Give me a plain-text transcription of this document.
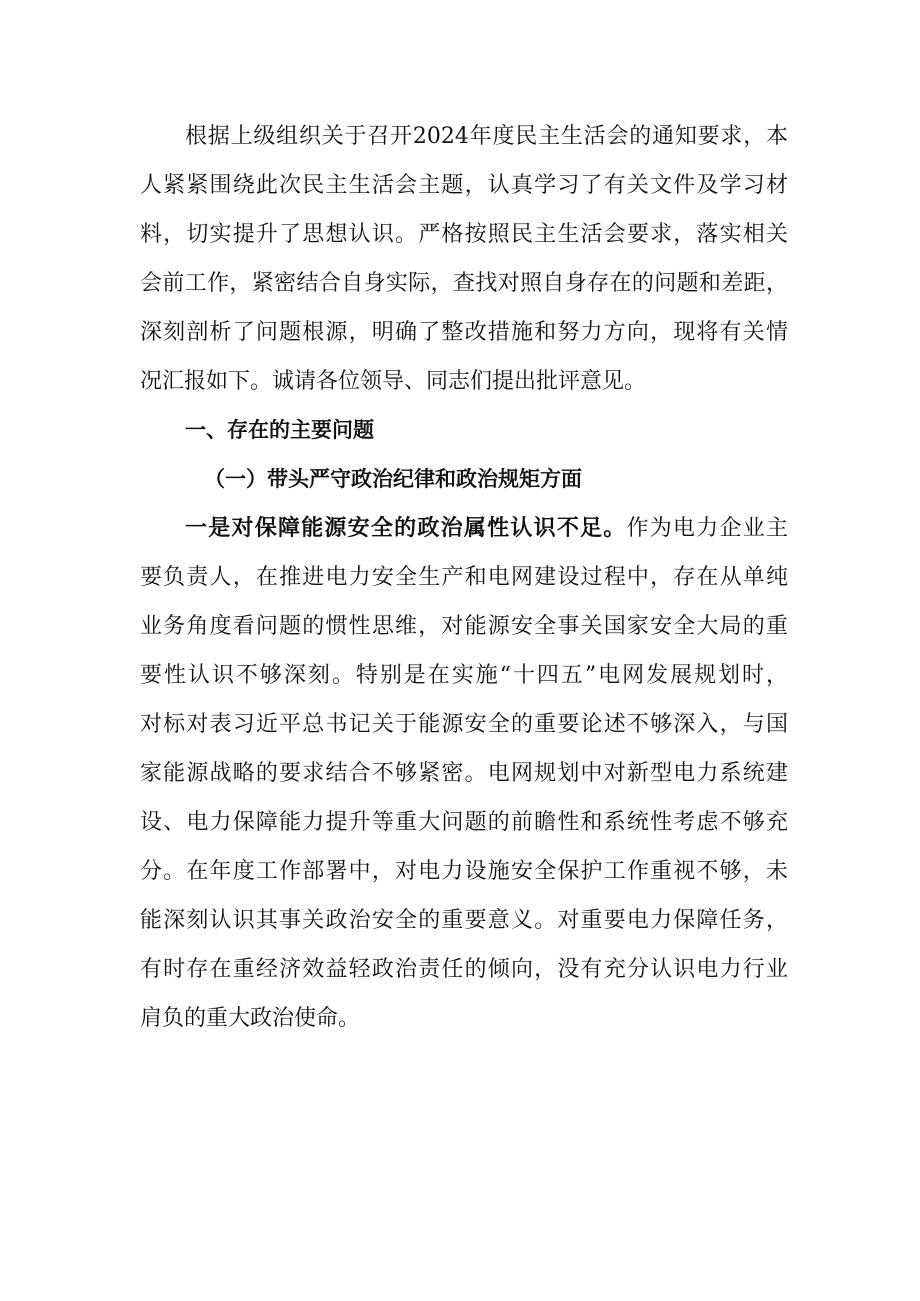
根据上级组织关于召开2024年度民主生活会的通知要求，本
人紧紧围绕此次民主生活会主题，认真学习了有关文件及学习材
料，切实提升了思想认识。严格按照民主生活会要求，落实相关
会前工作，紧密结合自身实际，查找对照自身存在的问题和差距，
深刻剖析了问题根源，明确了整改措施和努力方向，现将有关情
况汇报如下。诚请各位领导、同志们提出批评意见。
一、存在的主要问题
（一）带头严守政治纪律和政治规矩方面
一是对保障能源安全的政治属性认识不足。作为电力企业主
要负责人，在推进电力安全生产和电网建设过程中，存在从单纯
业务角度看问题的惯性思维，对能源安全事关国家安全大局的重
要性认识不够深刻。特别是在实施“十四五”电网发展规划时，
对标对表习近平总书记关于能源安全的重要论述不够深入，与国
家能源战略的要求结合不够紧密。电网规划中对新型电力系统建
设、电力保障能力提升等重大问题的前瞻性和系统性考虑不够充
分。在年度工作部署中，对电力设施安全保护工作重视不够，未
能深刻认识其事关政治安全的重要意义。对重要电力保障任务，
有时存在重经济效益轻政治责任的倾向，没有充分认识电力行业
肩负的重大政治使命。
